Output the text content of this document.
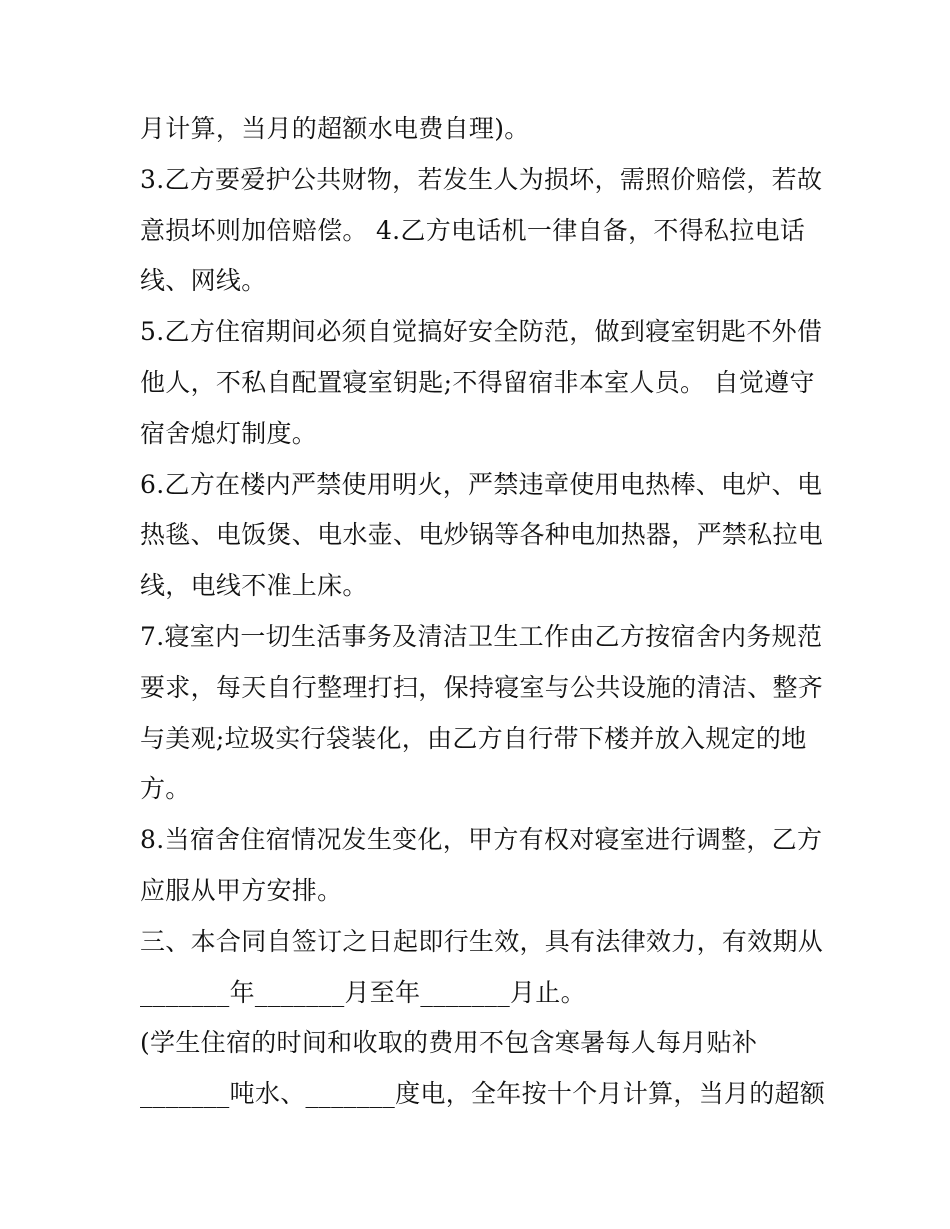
月计算，当月的超额水电费自理)。
3.乙方要爱护公共财物，若发生人为损坏，需照价赔偿，若故
意损坏则加倍赔偿。 4.乙方电话机一律自备，不得私拉电话
线、网线。
5.乙方住宿期间必须自觉搞好安全防范，做到寝室钥匙不外借
他人，不私自配置寝室钥匙;不得留宿非本室人员。 自觉遵守
宿舍熄灯制度。
6.乙方在楼内严禁使用明火，严禁违章使用电热棒、电炉、电
热毯、电饭煲、电水壶、电炒锅等各种电加热器，严禁私拉电
线，电线不准上床。
7.寝室内一切生活事务及清洁卫生工作由乙方按宿舍内务规范
要求，每天自行整理打扫，保持寝室与公共设施的清洁、整齐
与美观;垃圾实行袋装化，由乙方自行带下楼并放入规定的地
方。
8.当宿舍住宿情况发生变化，甲方有权对寝室进行调整，乙方
应服从甲方安排。
三、本合同自签订之日起即行生效，具有法律效力，有效期从
_______年_______月至年_______月止。
(学生住宿的时间和收取的费用不包含寒暑每人每月贴补
_______吨水、_______度电，全年按十个月计算，当月的超额
